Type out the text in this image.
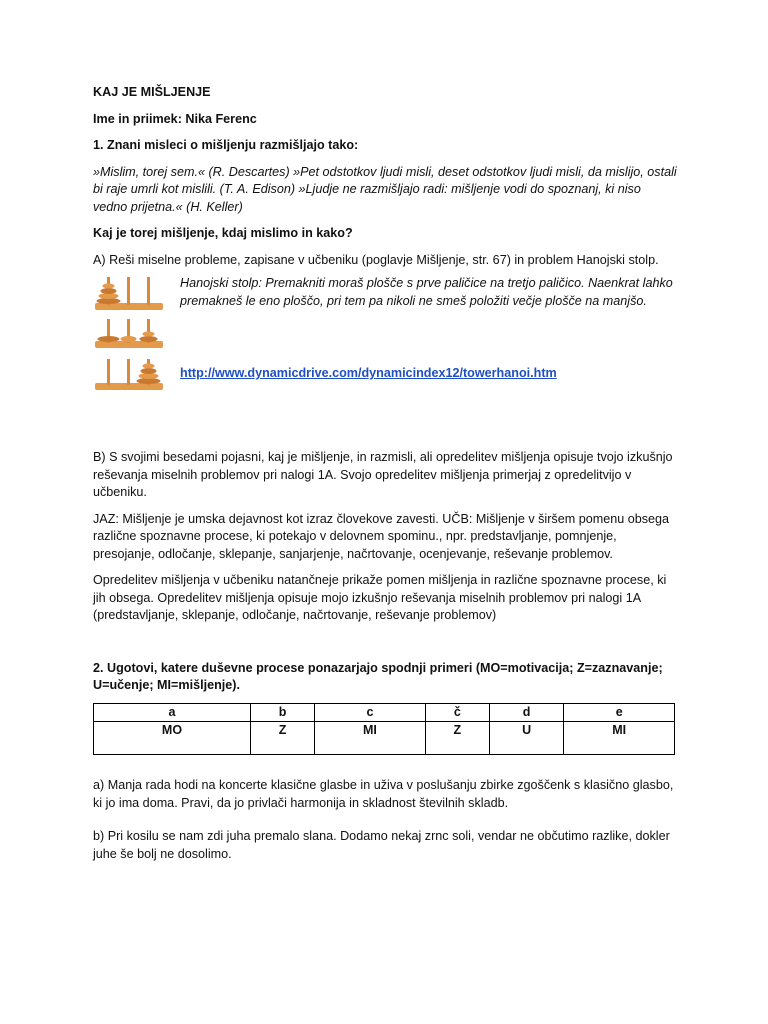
KAJ JE MIŠLJENJE

Ime in priimek: Nika Ferenc

1. Znani misleci o mišljenju razmišljajo tako:

»Mislim, torej sem.« (R. Descartes) »Pet odstotkov ljudi misli, deset odstotkov ljudi misli, da mislijo, ostali bi raje umrli kot mislili. (T. A. Edison) »Ljudje ne razmišljajo radi: mišljenje vodi do spoznanj, ki niso vedno prijetna.« (H. Keller)

Kaj je torej mišljenje, kdaj mislimo in kako?

A) Reši miselne probleme, zapisane v učbeniku (poglavje Mišljenje, str. 67) in problem Hanojski stolp.

Hanojski stolp: Premakniti moraš plošče s prve paličice na tretjo paličico. Naenkrat lahko premakneš le eno ploščo, pri tem pa nikoli ne smeš položiti večje plošče na manjšo.

http://www.dynamicdrive.com/dynamicindex12/towerhanoi.htm

B) S svojimi besedami pojasni, kaj je mišljenje, in razmisli, ali opredelitev mišljenja opisuje tvojo izkušnjo reševanja miselnih problemov pri nalogi 1A. Svojo opredelitev mišljenja primerjaj z opredelitvijo v učbeniku.

JAZ: Mišljenje je umska dejavnost kot izraz človekove zavesti. UČB: Mišljenje v širšem pomenu obsega različne spoznavne procese, ki potekajo v delovnem spominu., npr. predstavljanje, pomnjenje, presojanje, odločanje, sklepanje, sanjarjenje, načrtovanje, ocenjevanje, reševanje problemov.

Opredelitev mišljenja v učbeniku natančneje prikaže pomen mišljenja in različne spoznavne procese, ki jih obsega. Opredelitev mišljenja opisuje mojo izkušnjo reševanja miselnih problemov pri nalogi 1A (predstavljanje, sklepanje, odločanje, načrtovanje, reševanje problemov)

2. Ugotovi, katere duševne procese ponazarjajo spodnji primeri (MO=motivacija; Z=zaznavanje; U=učenje; MI=mišljenje).

a	b	c	č	d	e
MO	Z	MI	Z	U	MI

a) Manja rada hodi na koncerte klasične glasbe in uživa v poslušanju zbirke zgoščenk s klasično glasbo, ki jo ima doma. Pravi, da jo privlači harmonija in skladnost številnih skladb.

b) Pri kosilu se nam zdi juha premalo slana. Dodamo nekaj zrnc soli, vendar ne občutimo razlike, dokler juhe še bolj ne dosolimo.
